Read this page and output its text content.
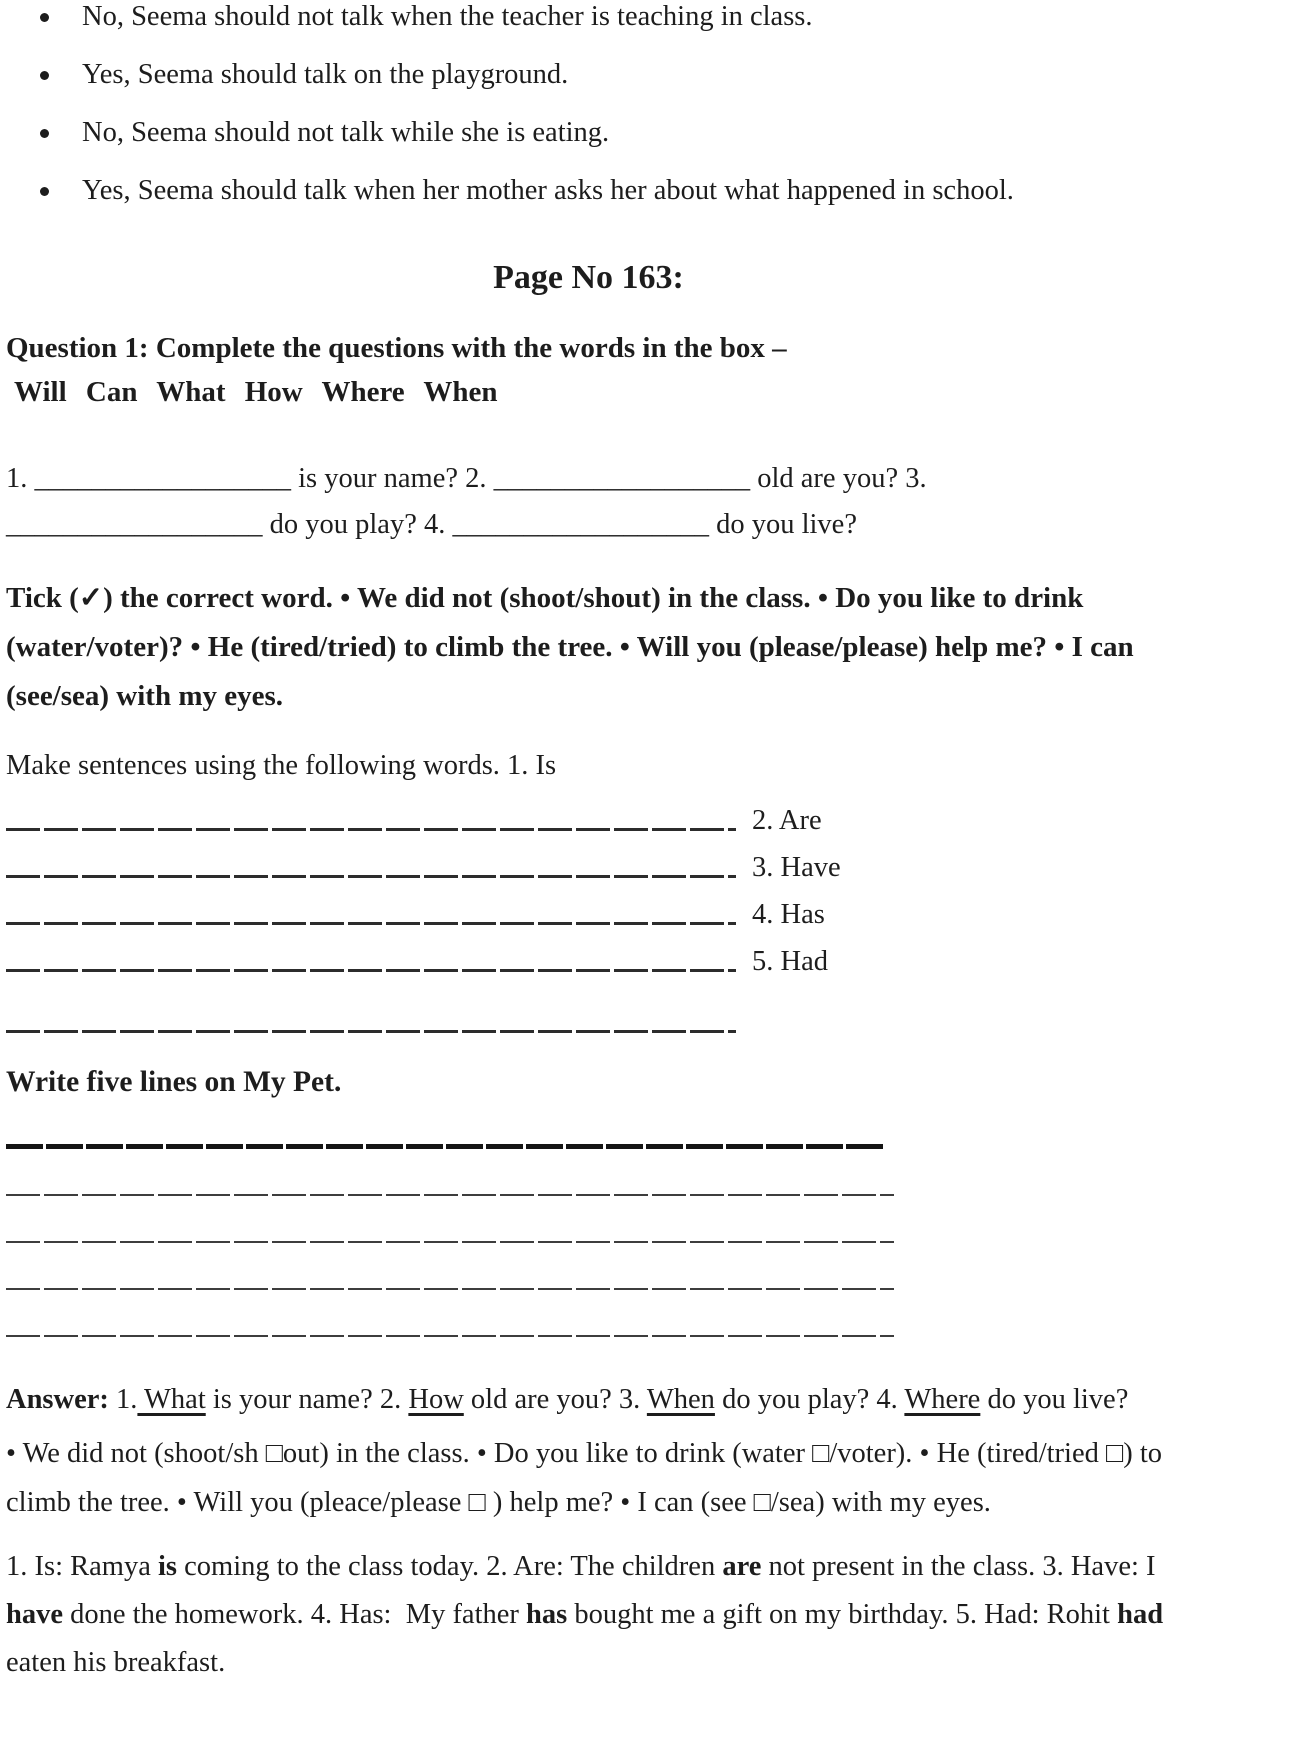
No, Seema should not talk when the teacher is teaching in class.
Yes, Seema should talk on the playground.
No, Seema should not talk while she is eating.
Yes, Seema should talk when her mother asks her about what happened in school.
Page No 163:
Question 1: Complete the questions with the words in the box –
Will Can What How Where When
1. __________________ is your name? 2. __________________ old are you? 3. __________________ do you play? 4. __________________ do you live?
Tick (✓) the correct word. • We did not (shoot/shout) in the class. • Do you like to drink (water/voter)? • He (tired/tried) to climb the tree. • Will you (please/please) help me? • I can (see/sea) with my eyes.
Make sentences using the following words. 1. Is
2. Are
3. Have
4. Has
5. Had
Write five lines on My Pet.
Answer: 1. What is your name? 2. How old are you? 3. When do you play? 4. Where do you live?
• We did not (shoot/sh □out) in the class. • Do you like to drink (water □/voter). • He (tired/tried □) to climb the tree. • Will you (pleace/please □ ) help me? • I can (see □/sea) with my eyes.
1. Is: Ramya is coming to the class today. 2. Are: The children are not present in the class. 3. Have: I have done the homework. 4. Has:  My father has bought me a gift on my birthday. 5. Had: Rohit had eaten his breakfast.
